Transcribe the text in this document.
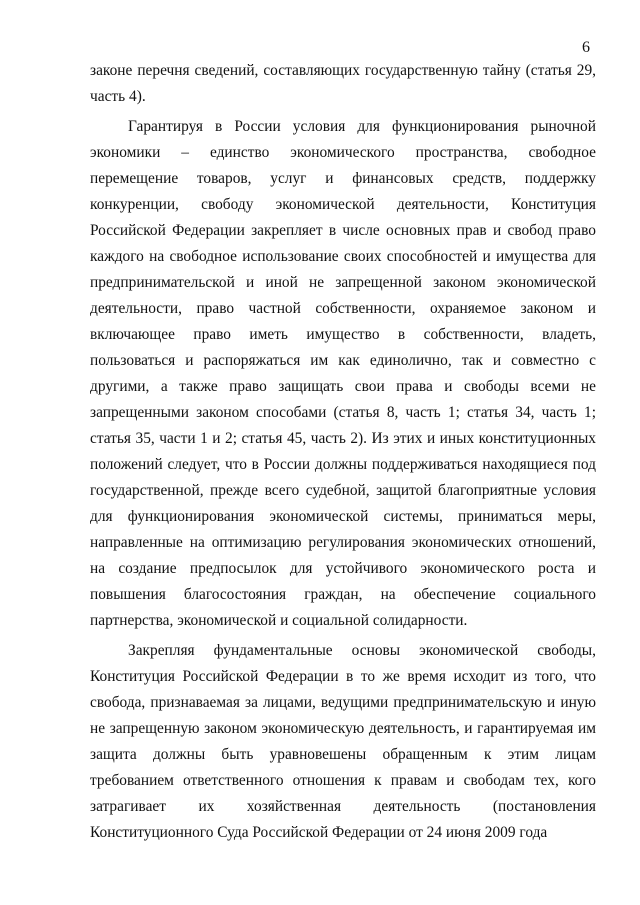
6

законе перечня сведений, составляющих государственную тайну (статья 29, часть 4).

Гарантируя в России условия для функционирования рыночной экономики – единство экономического пространства, свободное перемещение товаров, услуг и финансовых средств, поддержку конкуренции, свободу экономической деятельности, Конституция Российской Федерации закрепляет в числе основных прав и свобод право каждого на свободное использование своих способностей и имущества для предпринимательской и иной не запрещенной законом экономической деятельности, право частной собственности, охраняемое законом и включающее право иметь имущество в собственности, владеть, пользоваться и распоряжаться им как единолично, так и совместно с другими, а также право защищать свои права и свободы всеми не запрещенными законом способами (статья 8, часть 1; статья 34, часть 1; статья 35, части 1 и 2; статья 45, часть 2). Из этих и иных конституционных положений следует, что в России должны поддерживаться находящиеся под государственной, прежде всего судебной, защитой благоприятные условия для функционирования экономической системы, приниматься меры, направленные на оптимизацию регулирования экономических отношений, на создание предпосылок для устойчивого экономического роста и повышения благосостояния граждан, на обеспечение социального партнерства, экономической и социальной солидарности.

Закрепляя фундаментальные основы экономической свободы, Конституция Российской Федерации в то же время исходит из того, что свобода, признаваемая за лицами, ведущими предпринимательскую и иную не запрещенную законом экономическую деятельность, и гарантируемая им защита должны быть уравновешены обращенным к этим лицам требованием ответственного отношения к правам и свободам тех, кого затрагивает их хозяйственная деятельность (постановления Конституционного Суда Российской Федерации от 24 июня 2009 года
